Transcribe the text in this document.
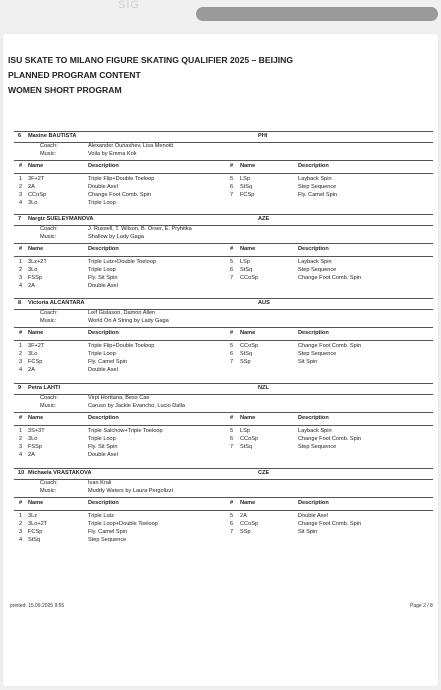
SIG
ISU SKATE TO MILANO FIGURE SKATING QUALIFIER 2025 – BEIJING
PLANNED PROGRAM CONTENT
WOMEN SHORT PROGRAM
6 Maxine BAUTISTA	PHI
Coach:	Alexander Ouriashev, Lisa Menotti
Music:	Voila by Emma Kok
# Name	Description	# Name	Description
1 3F+2T	Triple Flip+Double Toeloop	5 LSp	Layback Spin
2 2A	Double Axel	6 StSq	Step Sequence
3 CCoSp	Change Foot Comb. Spin	7 FCSp	Fly. Camel Spin
4 3Lo	Triple Loop
7 Nargiz SUELEYMANOVA	AZE
Coach:	J. Russell, T. Wilson, B. Orser, E. Pryhitka
Music:	Shallow by Lady Gaga
# Name	Description	# Name	Description
1 3Lz+2T	Triple Lutz+Double Toeloop	5 LSp	Layback Spin
2 3Lo	Triple Loop	6 StSq	Step Sequence
3 FSSp	Fly. Sit Spin	7 CCoSp	Change Foot Comb. Spin
4 2A	Double Axel
8 Victoria ALCANTARA	AUS
Coach:	Leif Gislason, Damon Allen
Music:	World On A String by Lady Gaga
# Name	Description	# Name	Description
1 3F+2T	Triple Flip+Double Toeloop	5 CCoSp	Change Foot Comb. Spin
2 3Lo	Triple Loop	6 StSq	Step Sequence
3 FCSp	Fly. Camel Spin	7 SSp	Sit Spin
4 2A	Double Axel
9 Petra LAHTI	NZL
Coach:	Virpi Horttana, Bess Cae
Music:	Caruso by Jackie Evancho, Lucio Dalla
# Name	Description	# Name	Description
1 3S+3T	Triple Salchow+Triple Toeloop	5 LSp	Layback Spin
2 3Lo	Triple Loop	6 CCoSp	Change Foot Comb. Spin
3 FSSp	Fly. Sit Spin	7 StSq	Step Sequence
4 2A	Double Axel
10 Michaela VRASTAKOVA	CZE
Coach:	Ivan Krali
Music:	Muddy Waters by Laura Pergolizzi
# Name	Description	# Name	Description
1 3Lz	Triple Lutz	5 2A	Double Axel
2 3Lo+2T	Triple Loop+Double Toeloop	6 CCoSp	Change Foot Comb. Spin
3 FCSp	Fly. Camel Spin	7 SSp	Sit Spin
4 StSq	Step Sequence
printed: 15.09.2025 9:55	Page 2 / 8
